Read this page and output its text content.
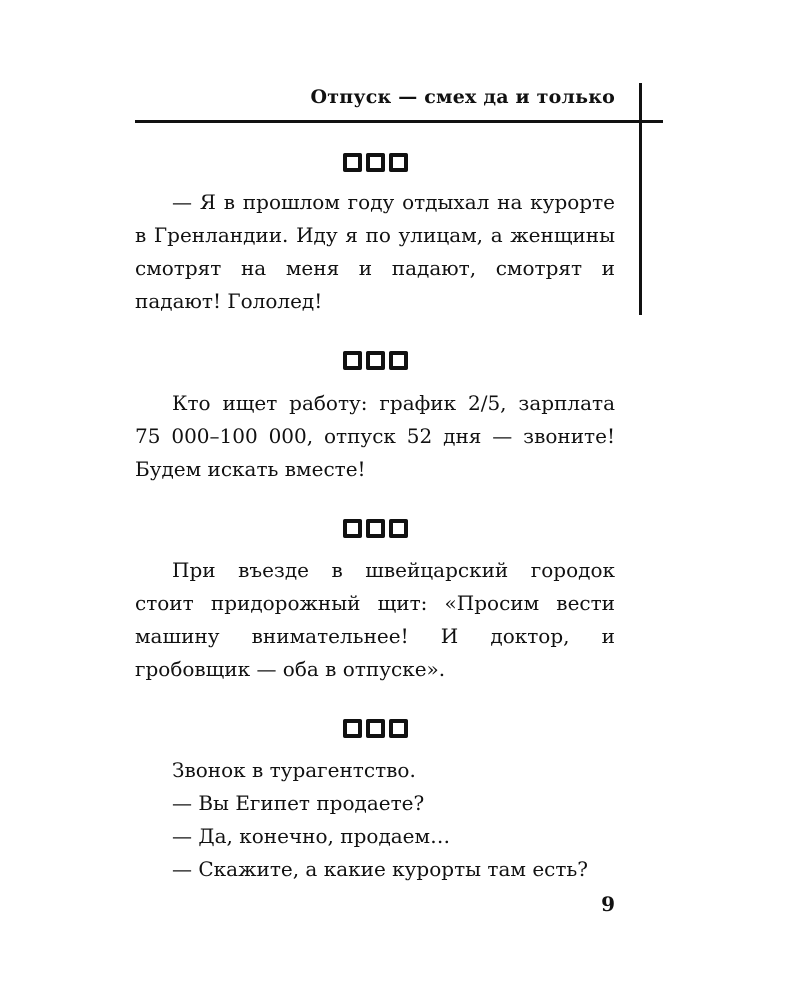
Отпуск — смех да и только

— Я в прошлом году отдыхал на курорте в Гренландии. Иду я по улицам, а женщины смотрят на меня и падают, смотрят и падают! Гололед!

Кто ищет работу: график 2/5, зарплата 75 000–100 000, отпуск 52 дня — звоните! Будем искать вместе!

При въезде в швейцарский городок стоит придорожный щит: «Просим вести машину внимательнее! И доктор, и гробовщик — оба в отпуске».

Звонок в турагентство.

— Вы Египет продаете?

— Да, конечно, продаем…

— Скажите, а какие курорты там есть?

9
